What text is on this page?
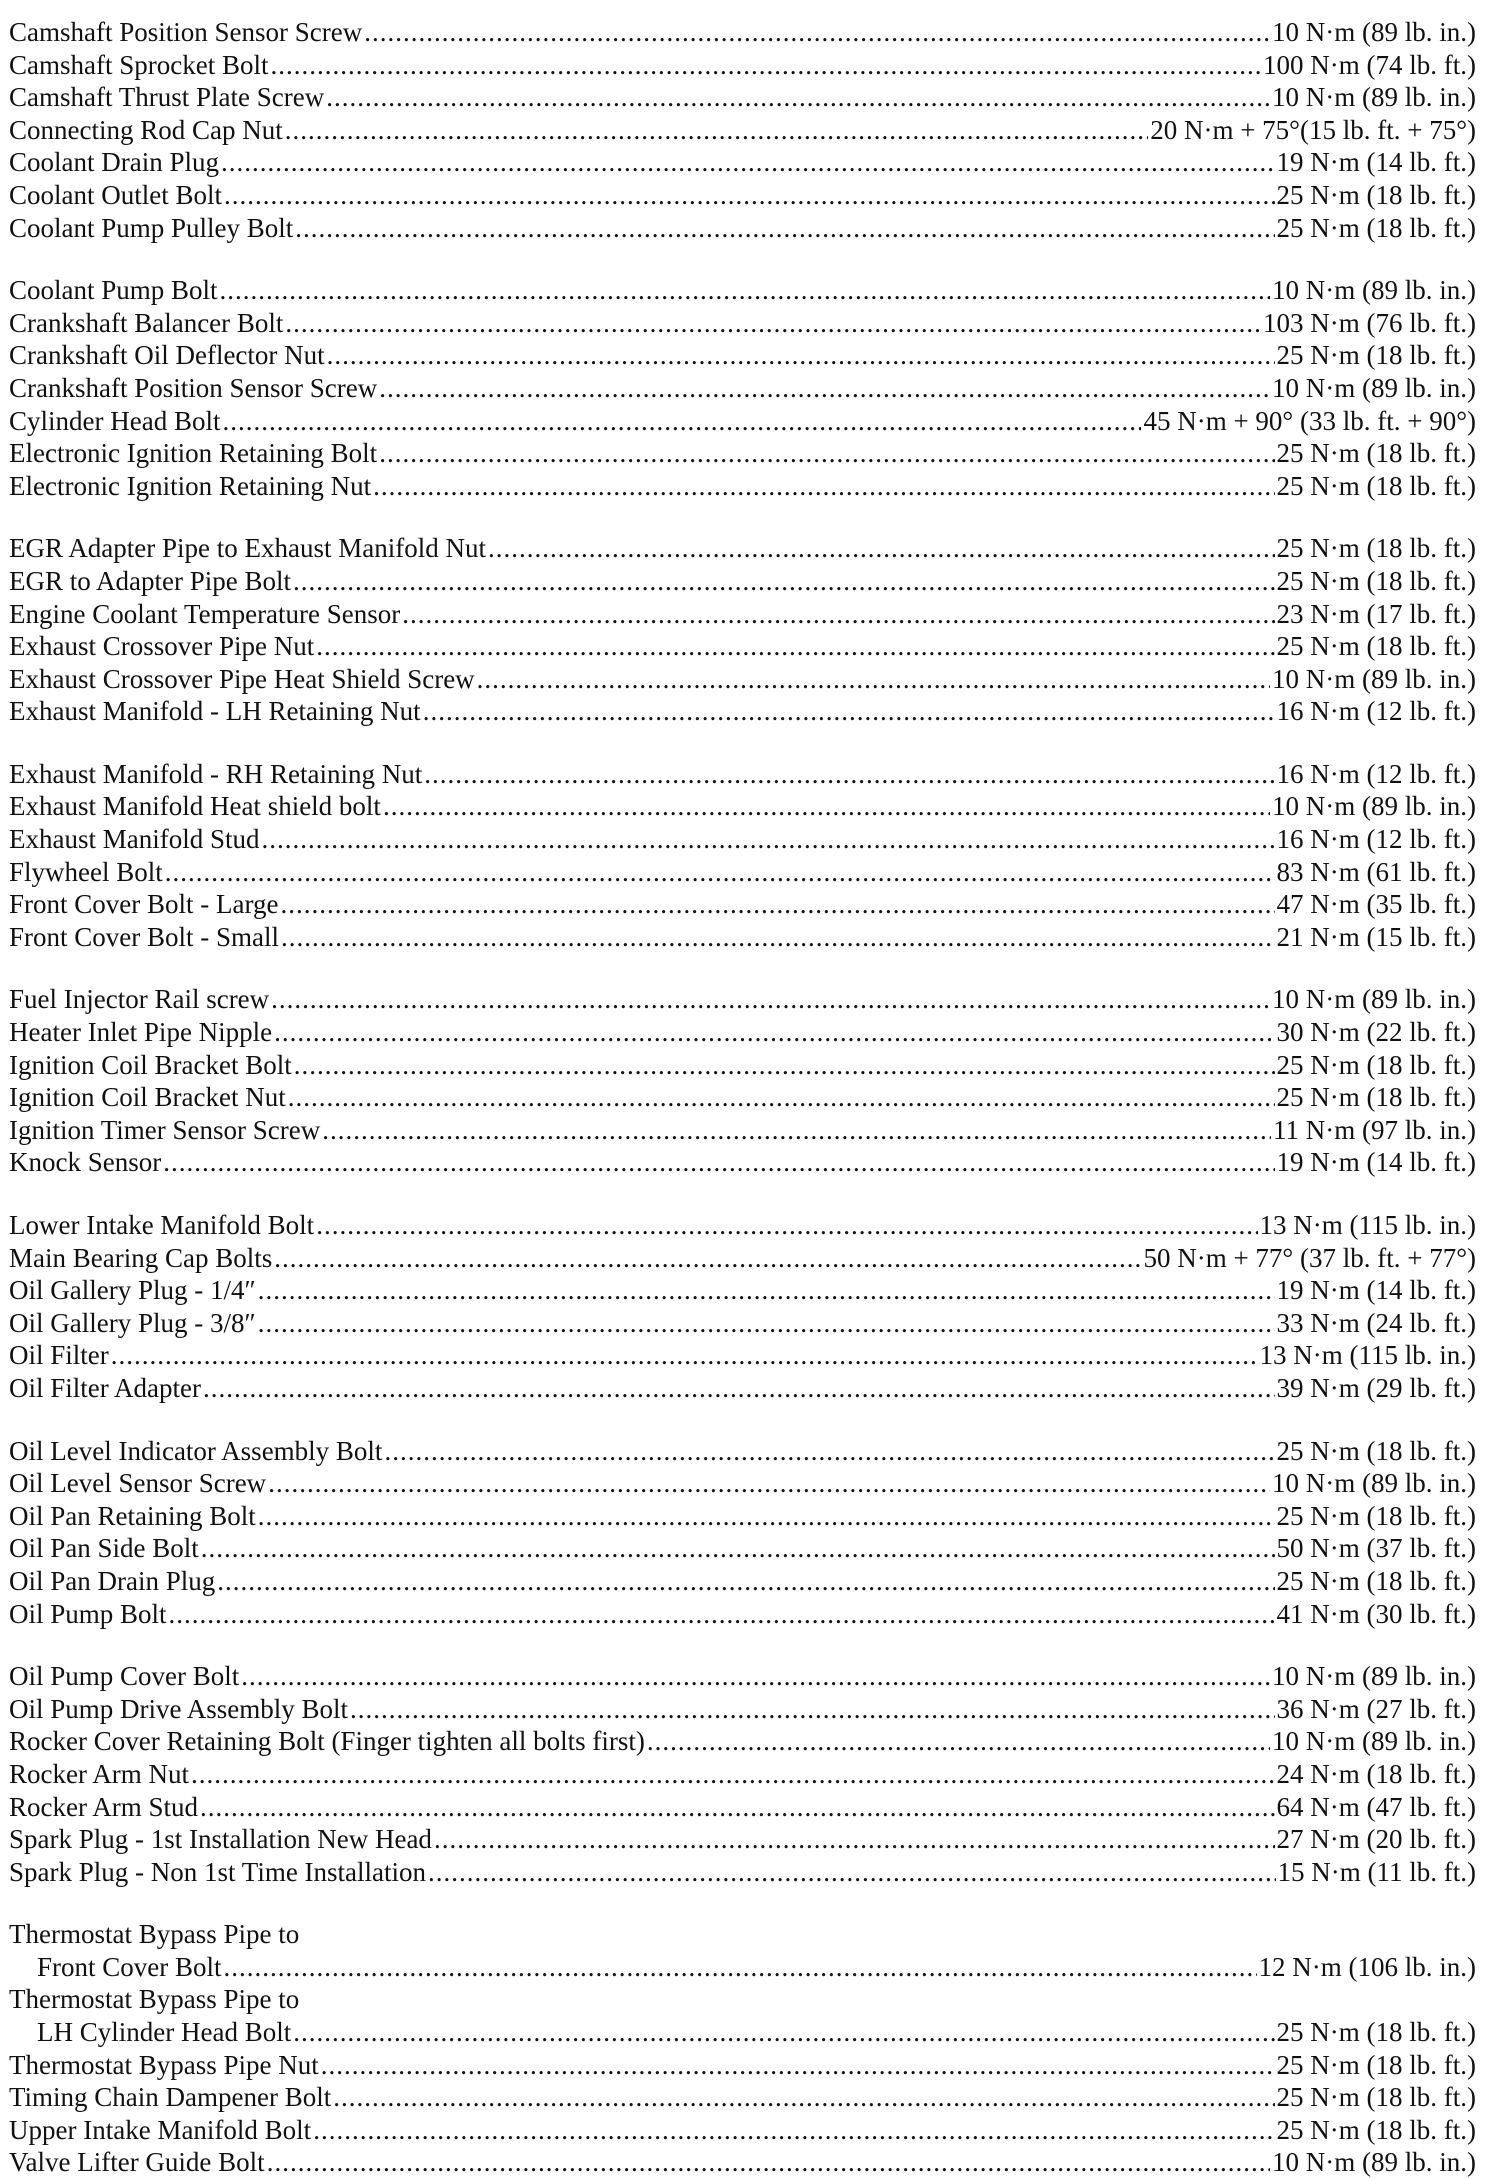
Camshaft Position Sensor Screw .....	10 N·m (89 lb. in.)
Camshaft Sprocket Bolt .....	100 N·m (74 lb. ft.)
Camshaft Thrust Plate Screw .....	10 N·m (89 lb. in.)
Connecting Rod Cap Nut .....	20 N·m + 75°(15 lb. ft. + 75°)
Coolant Drain Plug .....	19 N·m (14 lb. ft.)
Coolant Outlet Bolt .....	25 N·m (18 lb. ft.)
Coolant Pump Pulley Bolt .....	25 N·m (18 lb. ft.)
Coolant Pump Bolt .....	10 N·m (89 lb. in.)
Crankshaft Balancer Bolt .....	103 N·m (76 lb. ft.)
Crankshaft Oil Deflector Nut .....	25 N·m (18 lb. ft.)
Crankshaft Position Sensor Screw .....	10 N·m (89 lb. in.)
Cylinder Head Bolt .....	45 N·m + 90° (33 lb. ft. + 90°)
Electronic Ignition Retaining Bolt .....	25 N·m (18 lb. ft.)
Electronic Ignition Retaining Nut .....	25 N·m (18 lb. ft.)
EGR Adapter Pipe to Exhaust Manifold Nut .....	25 N·m (18 lb. ft.)
EGR to Adapter Pipe Bolt .....	25 N·m (18 lb. ft.)
Engine Coolant Temperature Sensor .....	23 N·m (17 lb. ft.)
Exhaust Crossover Pipe Nut .....	25 N·m (18 lb. ft.)
Exhaust Crossover Pipe Heat Shield Screw .....	10 N·m (89 lb. in.)
Exhaust Manifold - LH Retaining Nut .....	16 N·m (12 lb. ft.)
Exhaust Manifold - RH Retaining Nut .....	16 N·m (12 lb. ft.)
Exhaust Manifold Heat shield bolt .....	10 N·m (89 lb. in.)
Exhaust Manifold Stud .....	16 N·m (12 lb. ft.)
Flywheel Bolt .....	83 N·m (61 lb. ft.)
Front Cover Bolt - Large .....	47 N·m (35 lb. ft.)
Front Cover Bolt - Small .....	21 N·m (15 lb. ft.)
Fuel Injector Rail screw .....	10 N·m (89 lb. in.)
Heater Inlet Pipe Nipple .....	30 N·m (22 lb. ft.)
Ignition Coil Bracket Bolt .....	25 N·m (18 lb. ft.)
Ignition Coil Bracket Nut .....	25 N·m (18 lb. ft.)
Ignition Timer Sensor Screw .....	11 N·m (97 lb. in.)
Knock Sensor .....	19 N·m (14 lb. ft.)
Lower Intake Manifold Bolt .....	13 N·m (115 lb. in.)
Main Bearing Cap Bolts .....	50 N·m + 77° (37 lb. ft. + 77°)
Oil Gallery Plug - 1/4″ .....	19 N·m (14 lb. ft.)
Oil Gallery Plug - 3/8″ .....	33 N·m (24 lb. ft.)
Oil Filter .....	13 N·m (115 lb. in.)
Oil Filter Adapter .....	39 N·m (29 lb. ft.)
Oil Level Indicator Assembly Bolt .....	25 N·m (18 lb. ft.)
Oil Level Sensor Screw .....	10 N·m (89 lb. in.)
Oil Pan Retaining Bolt .....	25 N·m (18 lb. ft.)
Oil Pan Side Bolt .....	50 N·m (37 lb. ft.)
Oil Pan Drain Plug .....	25 N·m (18 lb. ft.)
Oil Pump Bolt .....	41 N·m (30 lb. ft.)
Oil Pump Cover Bolt .....	10 N·m (89 lb. in.)
Oil Pump Drive Assembly Bolt .....	36 N·m (27 lb. ft.)
Rocker Cover Retaining Bolt (Finger tighten all bolts first) .....	10 N·m (89 lb. in.)
Rocker Arm Nut .....	24 N·m (18 lb. ft.)
Rocker Arm Stud .....	64 N·m (47 lb. ft.)
Spark Plug - 1st Installation New Head .....	27 N·m (20 lb. ft.)
Spark Plug - Non 1st Time Installation .....	15 N·m (11 lb. ft.)
Thermostat Bypass Pipe to
Front Cover Bolt .....	12 N·m (106 lb. in.)
Thermostat Bypass Pipe to
LH Cylinder Head Bolt .....	25 N·m (18 lb. ft.)
Thermostat Bypass Pipe Nut .....	25 N·m (18 lb. ft.)
Timing Chain Dampener Bolt .....	25 N·m (18 lb. ft.)
Upper Intake Manifold Bolt .....	25 N·m (18 lb. ft.)
Valve Lifter Guide Bolt .....	10 N·m (89 lb. in.)
